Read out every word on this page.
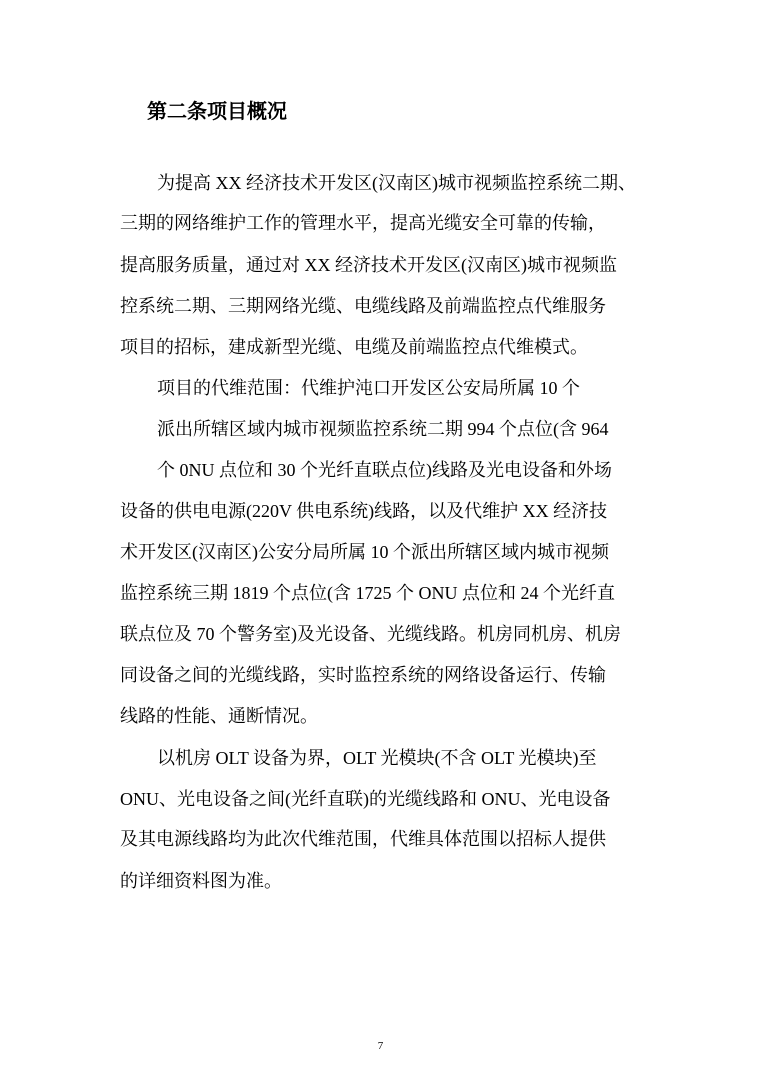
第二条项目概况
为提高 XX 经济技术开发区(汉南区)城市视频监控系统二期、
三期的网络维护工作的管理水平，提高光缆安全可靠的传输，
提高服务质量，通过对 XX 经济技术开发区(汉南区)城市视频监
控系统二期、三期网络光缆、电缆线路及前端监控点代维服务
项目的招标，建成新型光缆、电缆及前端监控点代维模式。
项目的代维范围：代维护沌口开发区公安局所属 10 个
派出所辖区域内城市视频监控系统二期 994 个点位(含 964
个 0NU 点位和 30 个光纤直联点位)线路及光电设备和外场
设备的供电电源(220V 供电系统)线路，以及代维护 XX 经济技
术开发区(汉南区)公安分局所属 10 个派出所辖区域内城市视频
监控系统三期 1819 个点位(含 1725 个 ONU 点位和 24 个光纤直
联点位及 70 个警务室)及光设备、光缆线路。机房同机房、机房
同设备之间的光缆线路，实时监控系统的网络设备运行、传输
线路的性能、通断情况。
以机房 OLT 设备为界，OLT 光模块(不含 OLT 光模块)至
ONU、光电设备之间(光纤直联)的光缆线路和 ONU、光电设备
及其电源线路均为此次代维范围，代维具体范围以招标人提供
的详细资料图为准。
7
